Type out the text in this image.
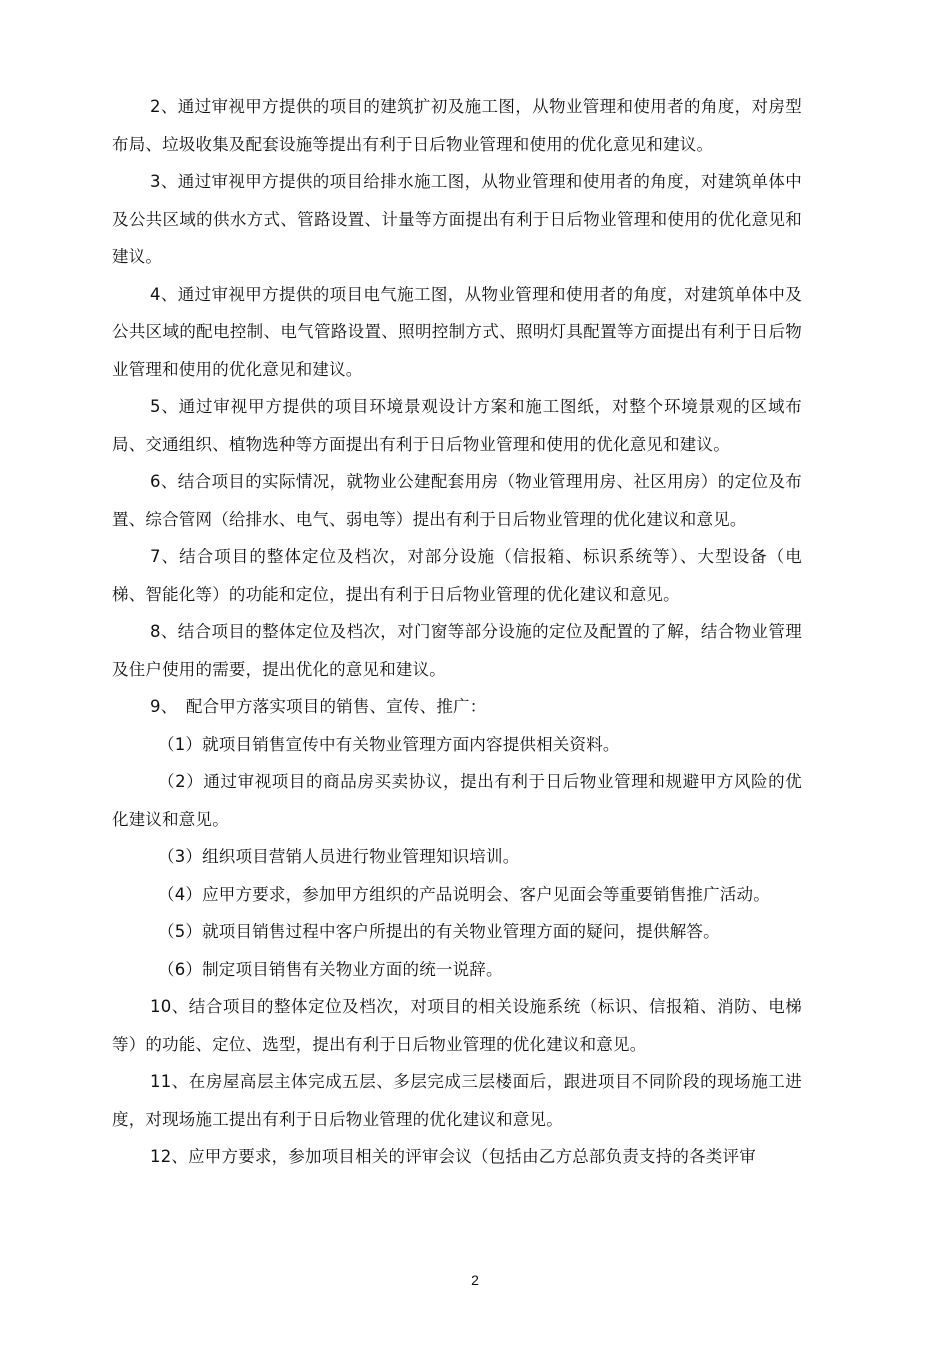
2、通过审视甲方提供的项目的建筑扩初及施工图，从物业管理和使用者的角度，对房型布局、垃圾收集及配套设施等提出有利于日后物业管理和使用的优化意见和建议。

3、通过审视甲方提供的项目给排水施工图，从物业管理和使用者的角度，对建筑单体中及公共区域的供水方式、管路设置、计量等方面提出有利于日后物业管理和使用的优化意见和建议。

4、通过审视甲方提供的项目电气施工图，从物业管理和使用者的角度，对建筑单体中及公共区域的配电控制、电气管路设置、照明控制方式、照明灯具配置等方面提出有利于日后物业管理和使用的优化意见和建议。

5、通过审视甲方提供的项目环境景观设计方案和施工图纸，对整个环境景观的区域布局、交通组织、植物选种等方面提出有利于日后物业管理和使用的优化意见和建议。

6、结合项目的实际情况，就物业公建配套用房（物业管理用房、社区用房）的定位及布置、综合管网（给排水、电气、弱电等）提出有利于日后物业管理的优化建议和意见。

7、结合项目的整体定位及档次，对部分设施（信报箱、标识系统等）、大型设备（电梯、智能化等）的功能和定位，提出有利于日后物业管理的优化建议和意见。

8、结合项目的整体定位及档次，对门窗等部分设施的定位及配置的了解，结合物业管理及住户使用的需要，提出优化的意见和建议。

9、　配合甲方落实项目的销售、宣传、推广：

（1）就项目销售宣传中有关物业管理方面内容提供相关资料。

（2）通过审视项目的商品房买卖协议，提出有利于日后物业管理和规避甲方风险的优化建议和意见。

（3）组织项目营销人员进行物业管理知识培训。

（4）应甲方要求，参加甲方组织的产品说明会、客户见面会等重要销售推广活动。

（5）就项目销售过程中客户所提出的有关物业管理方面的疑问，提供解答。

（6）制定项目销售有关物业方面的统一说辞。

10、结合项目的整体定位及档次，对项目的相关设施系统（标识、信报箱、消防、电梯等）的功能、定位、选型，提出有利于日后物业管理的优化建议和意见。

11、在房屋高层主体完成五层、多层完成三层楼面后，跟进项目不同阶段的现场施工进度，对现场施工提出有利于日后物业管理的优化建议和意见。

12、应甲方要求，参加项目相关的评审会议（包括由乙方总部负责支持的各类评审

2
